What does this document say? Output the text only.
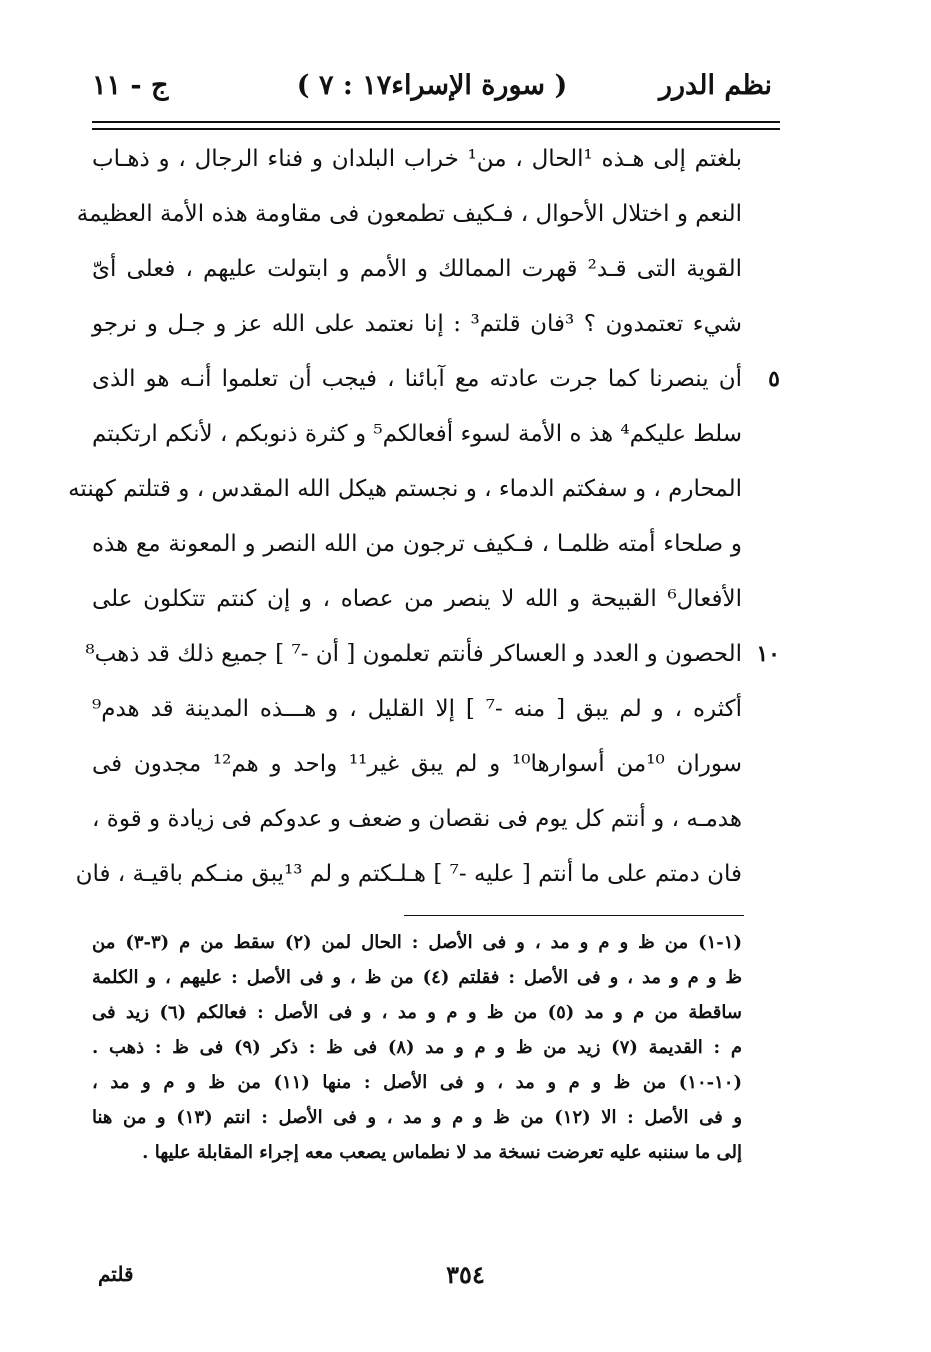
نظم الدرر
( سورة الإسراء١٧ : ٧ )
ج - ١١
بلغتم إلى هـذه ¹الحال ، من¹ خراب البلدان و فناء الرجال ، و ذهـاب
النعم و اختلال الأحوال ، فـكيف تطمعون فى مقاومة هذه الأمة العظيمة
القوية التى قـد² قهرت الممالك و الأمم و ابتولت عليهم ، فعلى أىّ
شيء تعتمدون ؟ ³فان قلتم³ : إنا نعتمد على الله عز و جـل و نرجو
٥
أن ينصرنا كما جرت عادته مع آبائنا ، فيجب أن تعلموا أنـه هو الذى
سلط عليكم⁴ هذ ه الأمة لسوء أفعالكم⁵ و كثرة ذنوبكم ، لأنكم ارتكبتم
المحارم ، و سفكتم الدماء ، و نجستم هيكل الله المقدس ، و قتلتم كهنته
و صلحاء أمته ظلمـا ، فـكيف ترجون من الله النصر و المعونة مع هذه
الأفعال⁶ القبيحة و الله لا ينصر من عصاه ، و إن كنتم تتكلون على
١٠
الحصون و العدد و العساكر فأنتم تعلمون [ أن -⁷ ] جميع ذلك قد ذهب⁸
أكثره ، و لم يبق [ منه -⁷ ] إلا القليل ، و هـــذه المدينة قد هدم⁹
سوران ¹⁰من أسوارها¹⁰ و لم يبق غير¹¹ واحد و هم¹² مجدون فى
هدمـه ، و أنتم كل يوم فى نقصان و ضعف و عدوكم فى زيادة و قوة ،
فان دمتم على ما أنتم [ عليه -⁷ ] هـلـكتم و لم ¹³يبق منـكم باقيـة ، فان
(١-١) من ظ و م و مد ، و فى الأصل : الحال لمن (٢) سقط من م (٣-٣) من
ظ و م و مد ، و فى الأصل : فقلتم (٤) من ظ ، و فى الأصل : عليهم ، و الكلمة
ساقطة من م و مد (٥) من ظ و م و مد ، و فى الأصل : فعالكم (٦) زيد فى
م : القديمة (٧) زيد من ظ و م و مد (٨) فى ظ : ذكر (٩) فى ظ : ذهب .
(١٠-١٠) من ظ و م و مد ، و فى الأصل : منها (١١) من ظ و م و مد ،
و فى الأصل : الا (١٢) من ظ و م و مد ، و فى الأصل : انتم (١٣) و من هنا
إلى ما سننبه عليه تعرضت نسخة مد لا نطماس يصعب معه إجراء المقابلة عليها .
٣٥٤
قلتم
